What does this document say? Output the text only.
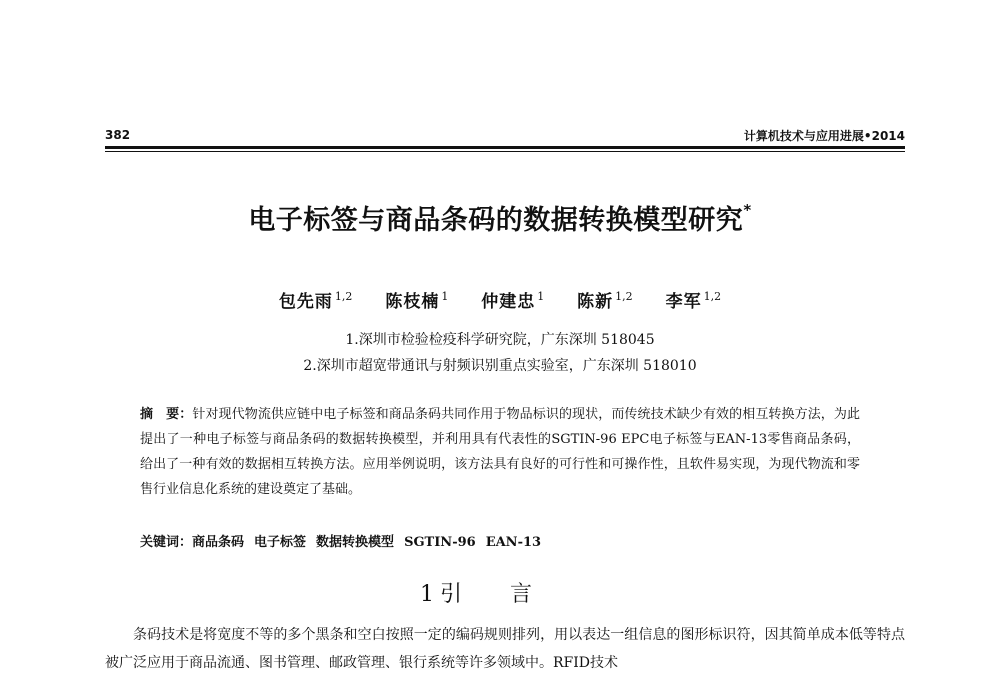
382	计算机技术与应用进展•2014
电子标签与商品条码的数据转换模型研究*
包先雨 $^{1,2}$ 陈枝楠 $^1$ 仲建忠 $^1$ 陈新 $^{1,2}$ 李军 $^{1,2}$
1.深圳市检验检疫科学研究院，广东深圳 518045
2.深圳市超宽带通讯与射频识别重点实验室，广东深圳 518010
摘　要：针对现代物流供应链中电子标签和商品条码共同作用于物品标识的现状，而传统技术缺少有效的相互转换方法，为此提出了一种电子标签与商品条码的数据转换模型，并利用具有代表性的SGTIN-96 EPC电子标签与EAN-13零售商品条码，给出了一种有效的数据相互转换方法。应用举例说明，该方法具有良好的可行性和可操作性，且软件易实现，为现代物流和零售行业信息化系统的建设奠定了基础。
关键词：商品条码 电子标签 数据转换模型 SGTIN-96 EAN-13
1 引言
条码技术是将宽度不等的多个黑条和空白按照一定的编码规则排列，用以表达一组信息的图形标识符，因其简单成本低等特点被广泛应用于商品流通、图书管理、邮政管理、银行系统等许多领域中。RFID技术
